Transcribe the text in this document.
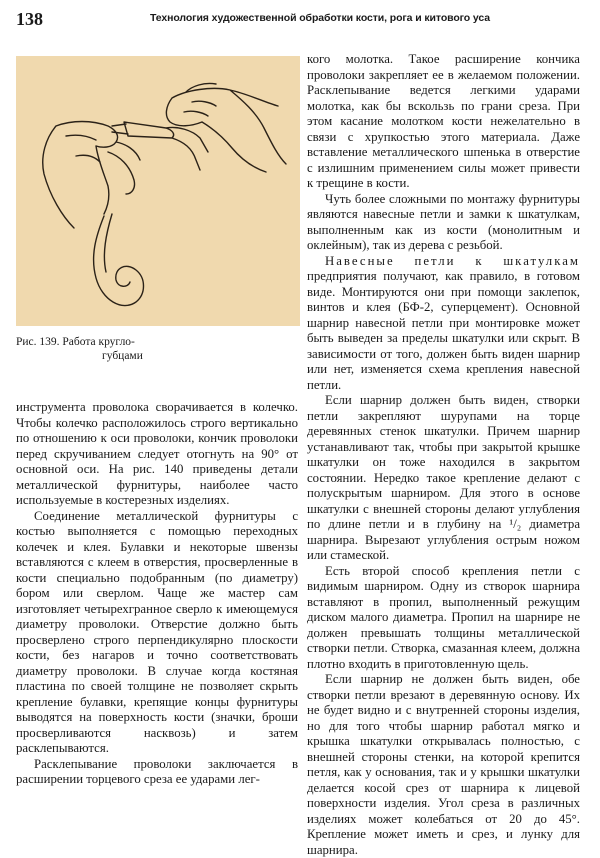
138	Технология художественной обработки кости, рога и китового уса
Рис. 139. Работа кругло-
губцами

инструмента проволока сворачивается в колечко. Чтобы колечко расположилось строго вертикально по отношению к оси проволоки, кончик проволоки перед скручиванием следует отогнуть на 90° от основной оси. На рис. 140 приведены детали металлической фурнитуры, наиболее часто используемые в костерезных изделиях.

Соединение металлической фурнитуры с костью выполняется с помощью переходных колечек и клея. Булавки и некоторые швензы вставляются с клеем в отверстия, просверленные в кости специально подобранным (по диаметру) бором или сверлом. Чаще же мастер сам изготовляет четырехгранное сверло к имеющемуся диаметру проволоки. Отверстие должно быть просверлено строго перпендикулярно плоскости кости, без нагаров и точно соответствовать диаметру проволоки. В случае когда костяная пластина по своей толщине не позволяет скрыть крепление булавки, крепящие концы фурнитуры выводятся на поверхность кости (значки, броши просверливаются насквозь) и затем расклепываются.

Расклепывание проволоки заключается в расширении торцевого среза ее ударами лег-

кого молотка. Такое расширение кончика проволоки закрепляет ее в желаемом положении. Расклепывание ведется легкими ударами молотка, как бы вскользь по грани среза. При этом касание молотком кости нежелательно в связи с хрупкостью этого материала. Даже вставление металлического шпенька в отверстие с излишним применением силы может привести к трещине в кости.

Чуть более сложными по монтажу фурнитуры являются навесные петли и замки к шкатулкам, выполненным как из кости (монолитным и оклейным), так из дерева с резьбой.

Навесные петли к шкатулкам предприятия получают, как правило, в готовом виде. Монтируются они при помощи заклепок, винтов и клея (БФ-2, суперцемент). Основной шарнир навесной петли при монтировке может быть выведен за пределы шкатулки или скрыт. В зависимости от того, должен быть виден шарнир или нет, изменяется схема крепления навесной петли.

Если шарнир должен быть виден, створки петли закрепляют шурупами на торце деревянных стенок шкатулки. Причем шарнир устанавливают так, чтобы при закрытой крышке шкатулки он тоже находился в закрытом состоянии. Нередко такое крепление делают с полускрытым шарниром. Для этого в основе шкатулки с внешней стороны делают углубления по длине петли и в глубину на ¹/₂ диаметра шарнира. Вырезают углубления острым ножом или стамеской.

Есть второй способ крепления петли с видимым шарниром. Одну из створок шарнира вставляют в пропил, выполненный режущим диском малого диаметра. Пропил на шарнире не должен превышать толщины металлической створки петли. Створка, смазанная клеем, должна плотно входить в приготовленную щель.

Если шарнир не должен быть виден, обе створки петли врезают в деревянную основу. Их не будет видно и с внутренней стороны изделия, но для того чтобы шарнир работал мягко и крышка шкатулки открывалась полностью, с внешней стороны стенки, на которой крепится петля, как у основания, так и у крышки шкатулки делается косой срез от шарнира к лицевой поверхности изделия. Угол среза в различных изделиях может колебаться от 20 до 45°. Крепление может иметь и срез, и лунку для шарнира.
